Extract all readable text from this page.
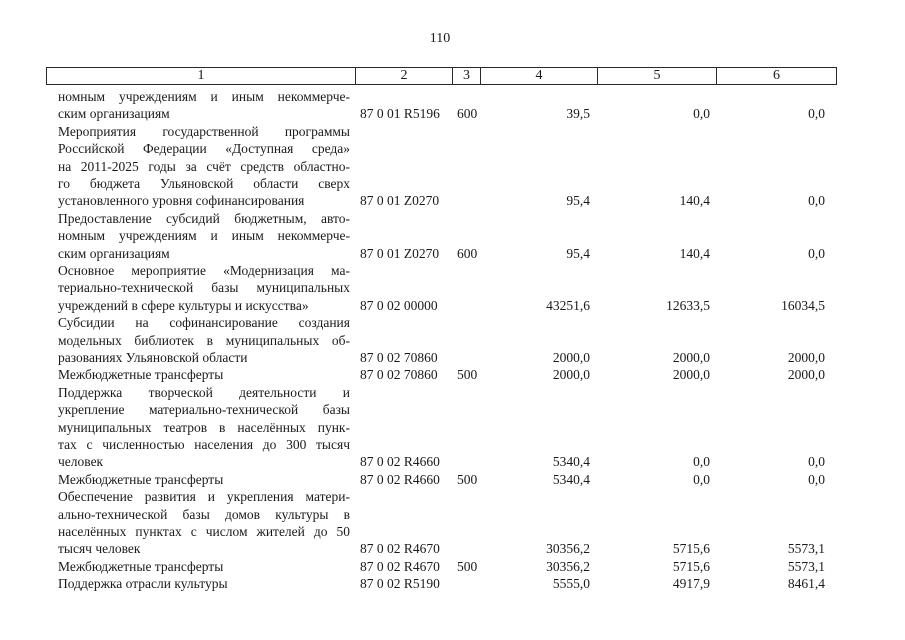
110
1	2	3	4	5	6
номным учреждениям и иным некоммерче-
ским организациям	87 0 01 R5196 600	39,5	0,0	0,0
Мероприятия государственной программы
Российской Федерации «Доступная среда»
на 2011-2025 годы за счёт средств областно-
го бюджета Ульяновской области сверх
установленного уровня софинансирования	87 0 01 Z0270	95,4	140,4	0,0
Предоставление субсидий бюджетным, авто-
номным учреждениям и иным некоммерче-
ским организациям	87 0 01 Z0270 600	95,4	140,4	0,0
Основное мероприятие «Модернизация ма-
териально-технической базы муниципальных
учреждений в сфере культуры и искусства»	87 0 02 00000	43251,6	12633,5	16034,5
Субсидии на софинансирование создания
модельных библиотек в муниципальных об-
разованиях Ульяновской области	87 0 02 70860	2000,0	2000,0	2000,0
Межбюджетные трансферты	87 0 02 70860 500	2000,0	2000,0	2000,0
Поддержка творческой деятельности и
укрепление материально-технической базы
муниципальных театров в населённых пунк-
тах с численностью населения до 300 тысяч
человек	87 0 02 R4660	5340,4	0,0	0,0
Межбюджетные трансферты	87 0 02 R4660 500	5340,4	0,0	0,0
Обеспечение развития и укрепления матери-
ально-технической базы домов культуры в
населённых пунктах с числом жителей до 50
тысяч человек	87 0 02 R4670	30356,2	5715,6	5573,1
Межбюджетные трансферты	87 0 02 R4670 500	30356,2	5715,6	5573,1
Поддержка отрасли культуры	87 0 02 R5190	5555,0	4917,9	8461,4
